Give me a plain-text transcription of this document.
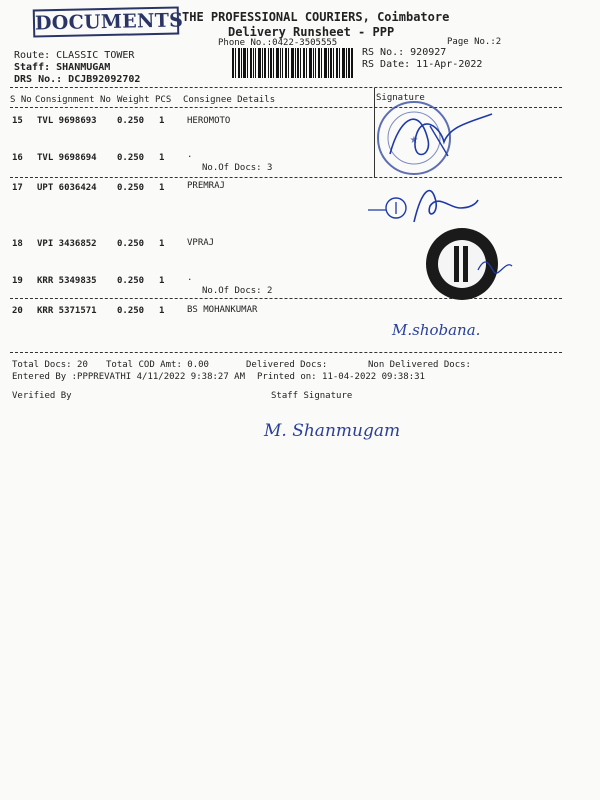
DOCUMENTS
THE PROFESSIONAL COURIERS, Coimbatore
Delivery Runsheet - PPP
Phone No.:0422-3505555	Page No.:2
Route: CLASSIC TOWER
Staff: SHANMUGAM
DRS No.: DCJB92092702
RS No.: 920927
RS Date: 11-Apr-2022
S No Consignment No Weight PCS Consignee Details	Signature
15 TVL 9698693 0.250 1	HEROMOTO
16 TVL 9698694 0.250 1	.
No.Of Docs: 3
17 UPT 6036424 0.250 1	PREMRAJ
18 VPI 3436852 0.250 1	VPRAJ
19 KRR 5349835 0.250 1	.
No.Of Docs: 2
20 KRR 5371571 0.250 1	BS MOHANKUMAR
★
M.shobana.
Total Docs: 20 Total COD Amt: 0.00	Delivered Docs:	Non Delivered Docs:
Entered By :PPPREVATHI 4/11/2022 9:38:27 AM Printed on: 11-04-2022 09:38:31
Verified By	Staff Signature
M. Shanmugam
